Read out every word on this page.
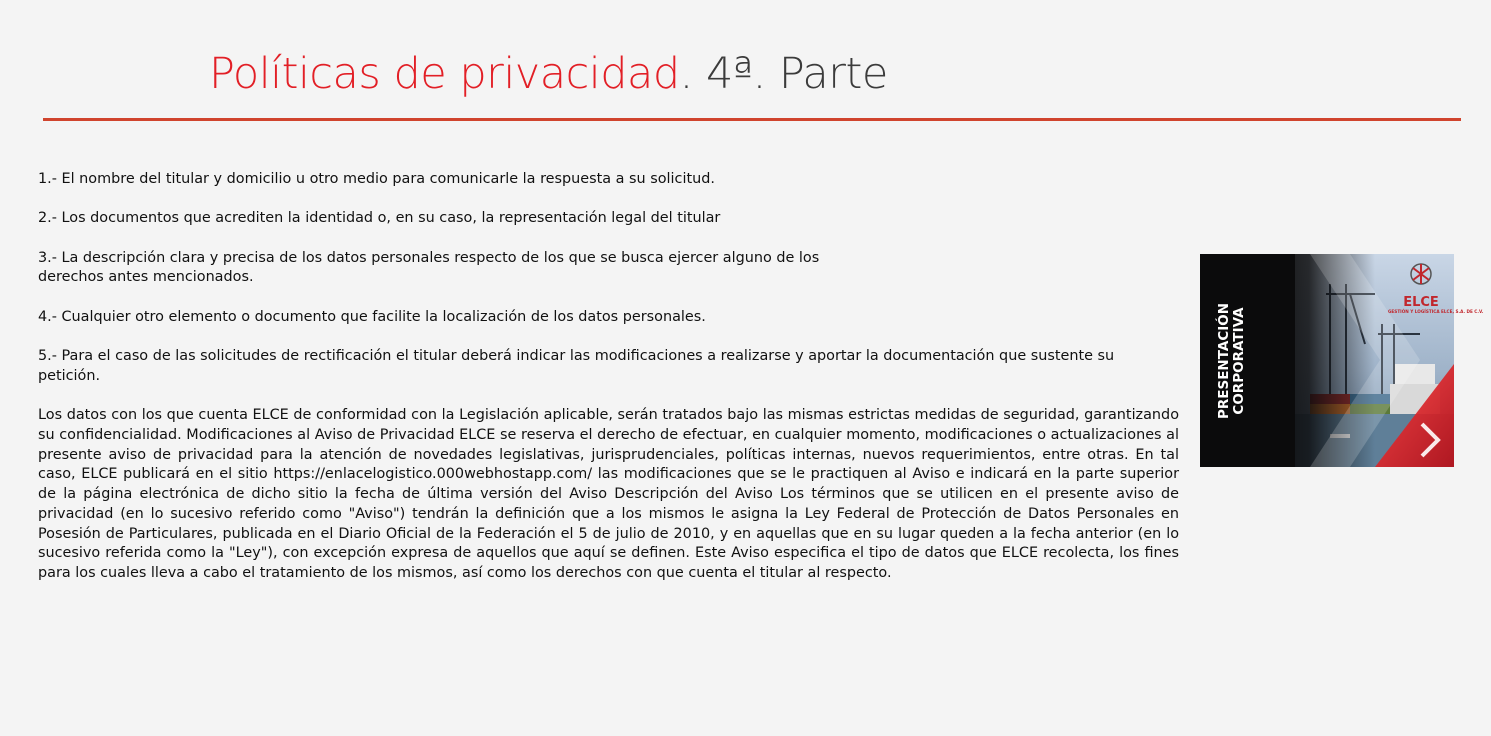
Políticas de privacidad. 4ª. Parte

1.- El nombre del titular y domicilio u otro medio para comunicarle la respuesta a su solicitud.

2.- Los documentos que acrediten la identidad o, en su caso, la representación legal del titular

3.- La descripción clara y precisa de los datos personales respecto de los que se busca ejercer alguno de los derechos antes mencionados.

4.- Cualquier otro elemento o documento que facilite la localización de los datos personales.

5.- Para el caso de las solicitudes de rectificación el titular deberá indicar las modificaciones a realizarse y aportar la documentación que sustente su petición.

Los datos con los que cuenta ELCE de conformidad con la Legislación aplicable, serán tratados bajo las mismas estrictas medidas de seguridad, garantizando su confidencialidad. Modificaciones al Aviso de Privacidad ELCE se reserva el derecho de efectuar, en cualquier momento, modificaciones o actualizaciones al presente aviso de privacidad para la atención de novedades legislativas, jurisprudenciales, políticas internas, nuevos requerimientos, entre otras. En tal caso, ELCE publicará en el sitio https://enlacelogistico.000webhostapp.com/ las modificaciones que se le practiquen al Aviso e indicará en la parte superior de la página electrónica de dicho sitio la fecha de última versión del Aviso Descripción del Aviso Los términos que se utilicen en el presente aviso de privacidad (en lo sucesivo referido como "Aviso") tendrán la definición que a los mismos le asigna la Ley Federal de Protección de Datos Personales en Posesión de Particulares, publicada en el Diario Oficial de la Federación el 5 de julio de 2010, y en aquellas que en su lugar queden a la fecha anterior (en lo sucesivo referida como la "Ley"), con excepción expresa de aquellos que aquí se definen. Este Aviso especifica el tipo de datos que ELCE recolecta, los fines para los cuales lleva a cabo el tratamiento de los mismos, así como los derechos con que cuenta el titular al respecto.

ELCE
GESTIÓN Y LOGÍSTICA ELCE, S.A. DE C.V.
PRESENTACIÓN CORPORATIVA
